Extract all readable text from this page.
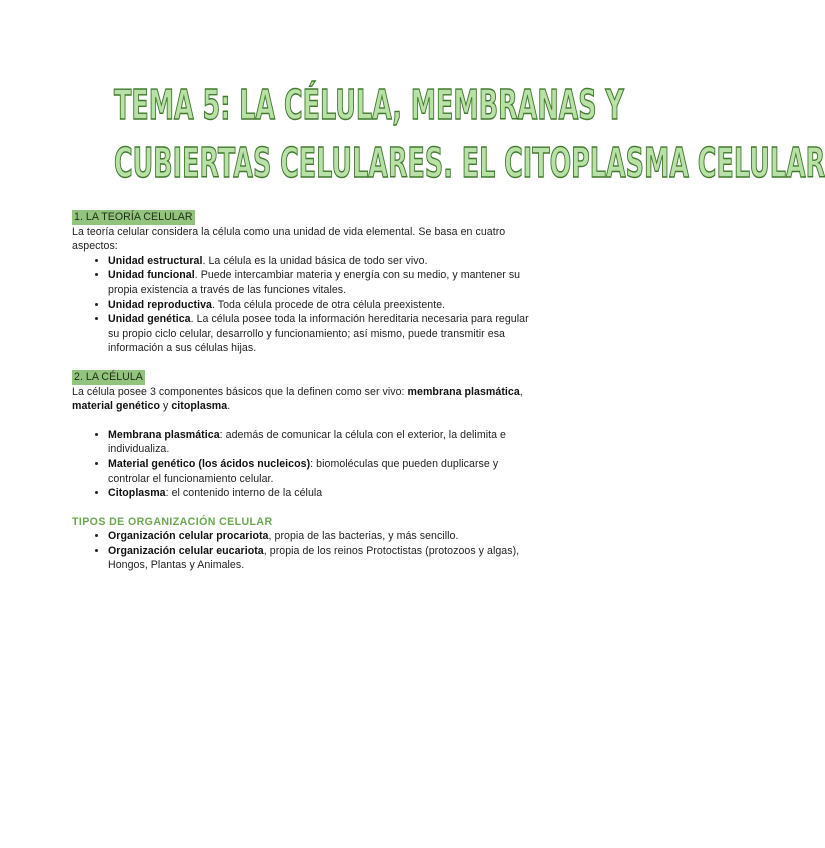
TEMA 5: LA CÉLULA, MEMBRANAS Y
CUBIERTAS CELULARES. EL CITOPLASMA CELULAR
1. LA TEORÍA CELULAR

La teoría celular considera la célula como una unidad de vida elemental. Se basa en cuatro aspectos:

• Unidad estructural. La célula es la unidad básica de todo ser vivo.
• Unidad funcional. Puede intercambiar materia y energía con su medio, y mantener su propia existencia a través de las funciones vitales.
• Unidad reproductiva. Toda célula procede de otra célula preexistente.
• Unidad genética. La célula posee toda la información hereditaria necesaria para regular su propio ciclo celular, desarrollo y funcionamiento; así mismo, puede transmitir esa información a sus células hijas.
2. LA CÉLULA

La célula posee 3 componentes básicos que la definen como ser vivo: membrana plasmática, material genético y citoplasma.

• Membrana plasmática: además de comunicar la célula con el exterior, la delimita e individualiza.
• Material genético (los ácidos nucleicos): biomoléculas que pueden duplicarse y controlar el funcionamiento celular.
• Citoplasma: el contenido interno de la célula

TIPOS DE ORGANIZACIÓN CELULAR

• Organización celular procariota, propia de las bacterias, y más sencillo.
• Organización celular eucariota, propia de los reinos Protoctistas (protozoos y algas), Hongos, Plantas y Animales.
